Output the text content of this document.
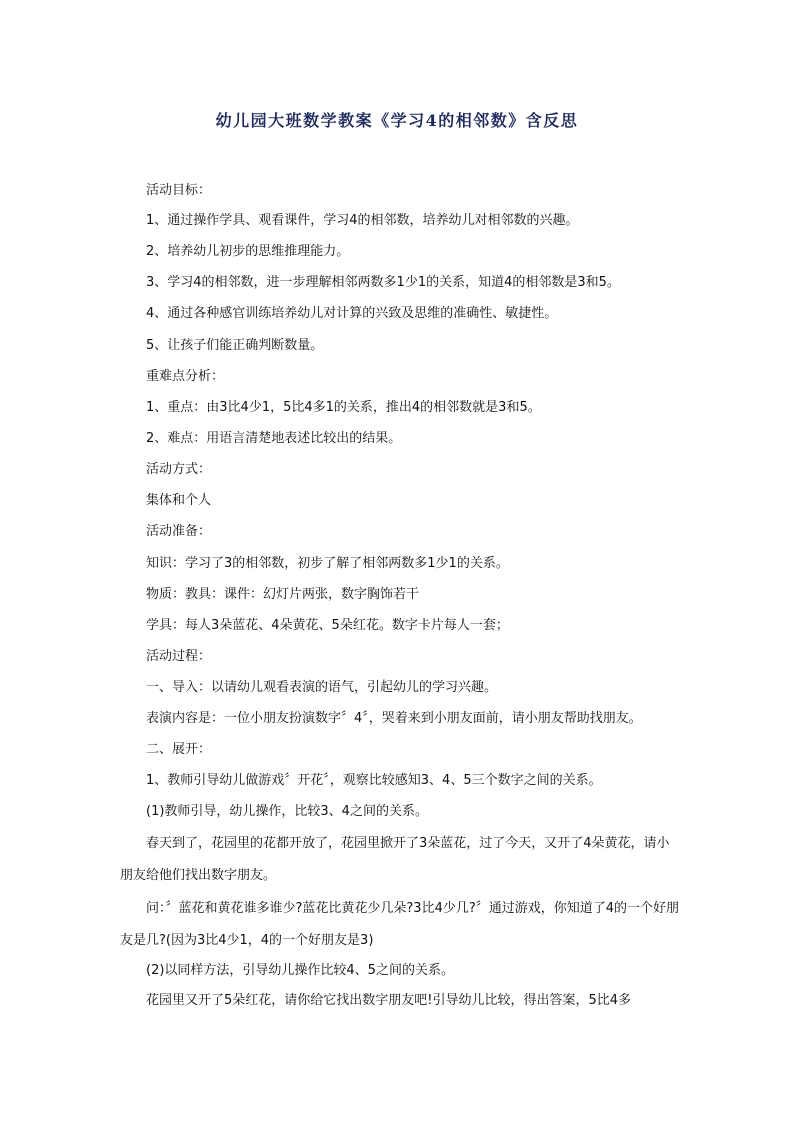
幼儿园大班数学教案《学习4的相邻数》含反思
活动目标：
1、通过操作学具、观看课件，学习4的相邻数，培养幼儿对相邻数的兴趣。
2、培养幼儿初步的思维推理能力。
3、学习4的相邻数，进一步理解相邻两数多1少1的关系，知道4的相邻数是3和5。
4、通过各种感官训练培养幼儿对计算的兴致及思维的准确性、敏捷性。
5、让孩子们能正确判断数量。
重难点分析：
1、重点：由3比4少1，5比4多1的关系，推出4的相邻数就是3和5。
2、难点：用语言清楚地表述比较出的结果。
活动方式：
集体和个人
活动准备：
知识：学习了3的相邻数，初步了解了相邻两数多1少1的关系。
物质：教具：课件：幻灯片两张，数字胸饰若干
学具：每人3朵蓝花、4朵黄花、5朵红花。数字卡片每人一套；
活动过程：
一、导入：以请幼儿观看表演的语气，引起幼儿的学习兴趣。
表演内容是：一位小朋友扮演数字〞4〞，哭着来到小朋友面前，请小朋友帮助找朋友。
二、展开：
1、教师引导幼儿做游戏〞开花〞，观察比较感知3、4、5三个数字之间的关系。
(1)教师引导，幼儿操作，比较3、4之间的关系。
春天到了，花园里的花都开放了，花园里掀开了3朵蓝花，过了今天，又开了4朵黄花，请小朋友给他们找出数字朋友。
问：〞蓝花和黄花谁多谁少?蓝花比黄花少几朵?3比4少几?〞通过游戏，你知道了4的一个好朋友是几?(因为3比4少1，4的一个好朋友是3)
(2)以同样方法，引导幼儿操作比较4、5之间的关系。
花园里又开了5朵红花，请你给它找出数字朋友吧!引导幼儿比较，得出答案，5比4多
